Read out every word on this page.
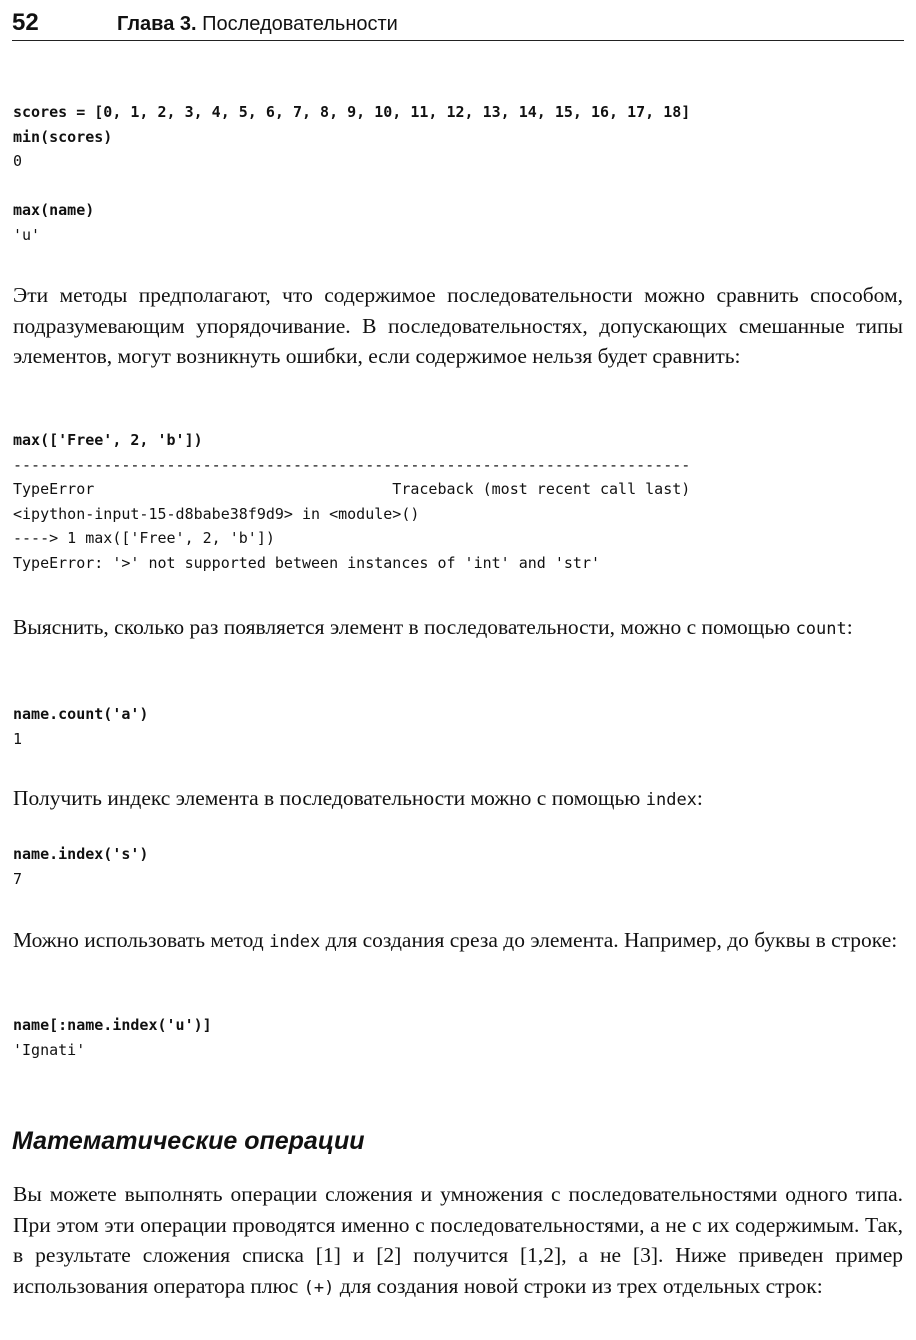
52	Глава 3. Последовательности
scores = [0, 1, 2, 3, 4, 5, 6, 7, 8, 9, 10, 11, 12, 13, 14, 15, 16, 17, 18]
min(scores)
0

max(name)
'u'

Эти методы предполагают, что содержимое последовательности можно сравнить способом, подразумевающим упорядочивание. В последовательностях, допускающих смешанные типы элементов, могут возникнуть ошибки, если содержимое нельзя будет сравнить:

max(['Free', 2, 'b'])
---------------------------------------------------------------------------
TypeError                                 Traceback (most recent call last)
<ipython-input-15-d8babe38f9d9> in <module>()
----> 1 max(['Free', 2, 'b'])
TypeError: '>' not supported between instances of 'int' and 'str'

Выяснить, сколько раз появляется элемент в последовательности, можно с помощью count:

name.count('a')
1

Получить индекс элемента в последовательности можно с помощью index:

name.index('s')
7

Можно использовать метод index для создания среза до элемента. Например, до буквы в строке:

name[:name.index('u')]
'Ignati'
Математические операции

Вы можете выполнять операции сложения и умножения с последовательностями одного типа. При этом эти операции проводятся именно с последовательностями, а не с их содержимым. Так, в результате сложения списка [1] и [2] получится [1,2], а не [3]. Ниже приведен пример использования оператора плюс (+) для создания новой строки из трех отдельных строк:
